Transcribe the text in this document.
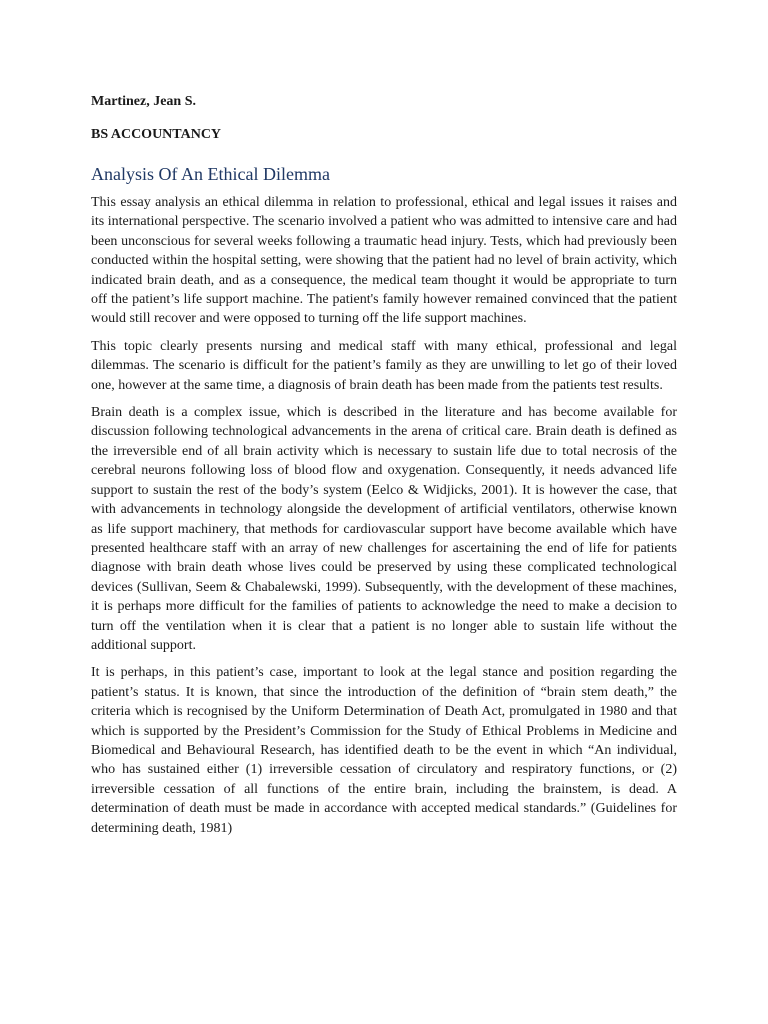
Martinez, Jean S.

BS ACCOUNTANCY

Analysis Of An Ethical Dilemma

This essay analysis an ethical dilemma in relation to professional, ethical and legal issues it raises and its international perspective. The scenario involved a patient who was admitted to intensive care and had been unconscious for several weeks following a traumatic head injury. Tests, which had previously been conducted within the hospital setting, were showing that the patient had no level of brain activity, which indicated brain death, and as a consequence, the medical team thought it would be appropriate to turn off the patient’s life support machine. The patient's family however remained convinced that the patient would still recover and were opposed to turning off the life support machines.

This topic clearly presents nursing and medical staff with many ethical, professional and legal dilemmas. The scenario is difficult for the patient’s family as they are unwilling to let go of their loved one, however at the same time, a diagnosis of brain death has been made from the patients test results.

Brain death is a complex issue, which is described in the literature and has become available for discussion following technological advancements in the arena of critical care. Brain death is defined as the irreversible end of all brain activity which is necessary to sustain life due to total necrosis of the cerebral neurons following loss of blood flow and oxygenation. Consequently, it needs advanced life support to sustain the rest of the body’s system (Eelco & Widjicks, 2001). It is however the case, that with advancements in technology alongside the development of artificial ventilators, otherwise known as life support machinery, that methods for cardiovascular support have become available which have presented healthcare staff with an array of new challenges for ascertaining the end of life for patients diagnose with brain death whose lives could be preserved by using these complicated technological devices (Sullivan, Seem & Chabalewski, 1999). Subsequently, with the development of these machines, it is perhaps more difficult for the families of patients to acknowledge the need to make a decision to turn off the ventilation when it is clear that a patient is no longer able to sustain life without the additional support.

It is perhaps, in this patient’s case, important to look at the legal stance and position regarding the patient’s status. It is known, that since the introduction of the definition of “brain stem death,” the criteria which is recognised by the Uniform Determination of Death Act, promulgated in 1980 and that which is supported by the President’s Commission for the Study of Ethical Problems in Medicine and Biomedical and Behavioural Research, has identified death to be the event in which “An individual, who has sustained either (1) irreversible cessation of circulatory and respiratory functions, or (2) irreversible cessation of all functions of the entire brain, including the brainstem, is dead. A determination of death must be made in accordance with accepted medical standards.” (Guidelines for determining death, 1981)
